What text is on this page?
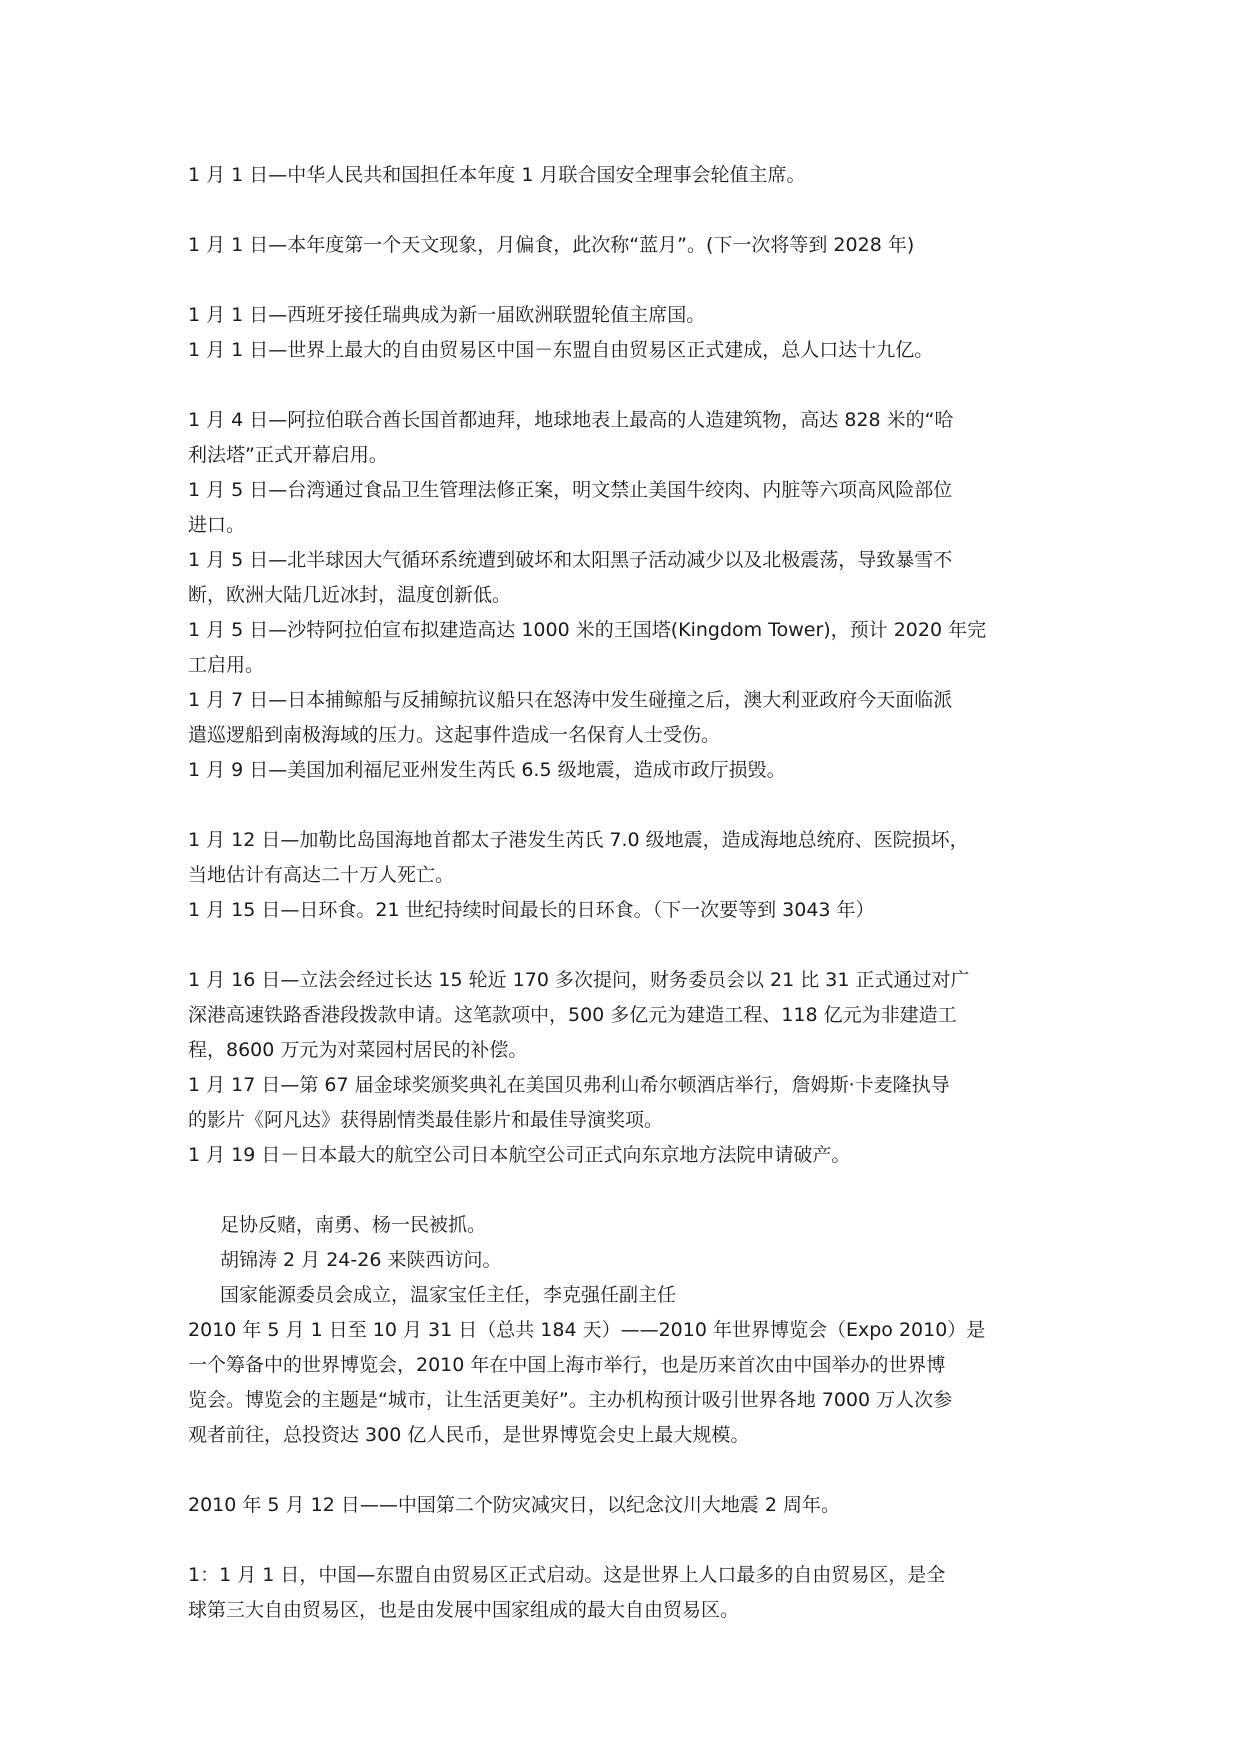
1 月 1 日—中华人民共和国担任本年度 1 月联合国安全理事会轮值主席。

1 月 1 日—本年度第一个天文现象，月偏食，此次称“蓝月”。(下一次将等到 2028 年)

1 月 1 日—西班牙接任瑞典成为新一届欧洲联盟轮值主席国。

1 月 1 日—世界上最大的自由贸易区中国－东盟自由贸易区正式建成，总人口达十九亿。

1 月 4 日—阿拉伯联合酋长国首都迪拜，地球地表上最高的人造建筑物，高达 828 米的“哈
利法塔”正式开幕启用。

1 月 5 日—台湾通过食品卫生管理法修正案，明文禁止美国牛绞肉、内脏等六项高风险部位
进口。

1 月 5 日—北半球因大气循环系统遭到破坏和太阳黑子活动减少以及北极震荡，导致暴雪不
断，欧洲大陆几近冰封，温度创新低。

1 月 5 日—沙特阿拉伯宣布拟建造高达 1000 米的王国塔(Kingdom Tower)，预计 2020 年完
工启用。

1 月 7 日—日本捕鲸船与反捕鲸抗议船只在怒涛中发生碰撞之后，澳大利亚政府今天面临派
遣巡逻船到南极海域的压力。这起事件造成一名保育人士受伤。

1 月 9 日—美国加利福尼亚州发生芮氏 6.5 级地震，造成市政厅损毁。

1 月 12 日—加勒比岛国海地首都太子港发生芮氏 7.0 级地震，造成海地总统府、医院损坏，
当地估计有高达二十万人死亡。

1 月 15 日—日环食。21 世纪持续时间最长的日环食。（下一次要等到 3043 年）

1 月 16 日—立法会经过长达 15 轮近 170 多次提问，财务委员会以 21 比 31 正式通过对广
深港高速铁路香港段拨款申请。这笔款项中，500 多亿元为建造工程、118 亿元为非建造工
程，8600 万元为对菜园村居民的补偿。

1 月 17 日—第 67 届金球奖颁奖典礼在美国贝弗利山希尔顿酒店举行，詹姆斯·卡麦隆执导
的影片《阿凡达》获得剧情类最佳影片和最佳导演奖项。

1 月 19 日－日本最大的航空公司日本航空公司正式向东京地方法院申请破产。

足协反赌，南勇、杨一民被抓。

胡锦涛 2 月 24-26 来陕西访问。

国家能源委员会成立，温家宝任主任，李克强任副主任

2010 年 5 月 1 日至 10 月 31 日（总共 184 天）——2010 年世界博览会（Expo 2010）是
一个筹备中的世界博览会，2010 年在中国上海市举行，也是历来首次由中国举办的世界博
览会。博览会的主题是“城市，让生活更美好”。主办机构预计吸引世界各地 7000 万人次参
观者前往，总投资达 300 亿人民币，是世界博览会史上最大规模。

2010 年 5 月 12 日——中国第二个防灾减灾日，以纪念汶川大地震 2 周年。

1：1 月 1 日，中国—东盟自由贸易区正式启动。这是世界上人口最多的自由贸易区，是全
球第三大自由贸易区，也是由发展中国家组成的最大自由贸易区。
